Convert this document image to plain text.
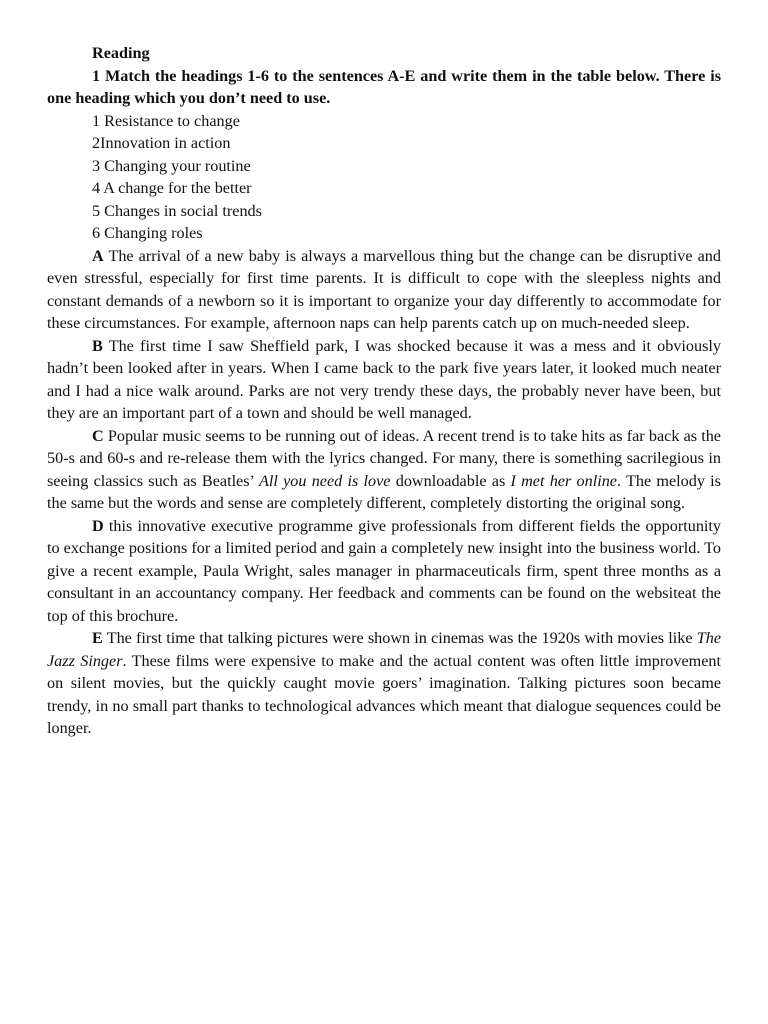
Reading

1 Match the headings 1-6 to the sentences A-E and write them in the table below. There is one heading which you don’t need to use.

1 Resistance to change

2Innovation in action

3 Changing your routine

4 A change for the better

5 Changes in social trends

6 Changing roles

A The arrival of a new baby is always a marvellous thing but the change can be disruptive and even stressful, especially for first time parents. It is difficult to cope with the sleepless nights and constant demands of a newborn so it is important to organize your day differently to accommodate for these circumstances. For example, afternoon naps can help parents catch up on much-needed sleep.

B The first time I saw Sheffield park, I was shocked because it was a mess and it obviously hadn’t been looked after in years. When I came back to the park five years later, it looked much neater and I had a nice walk around. Parks are not very trendy these days, the probably never have been, but they are an important part of a town and should be well managed.

C Popular music seems to be running out of ideas. A recent trend is to take hits as far back as the 50-s and 60-s and re-release them with the lyrics changed. For many, there is something sacrilegious in seeing classics such as Beatles’ All you need is love downloadable as I met her online. The melody is the same but the words and sense are completely different, completely distorting the original song.

D this innovative executive programme give professionals from different fields the opportunity to exchange positions for a limited period and gain a completely new insight into the business world. To give a recent example, Paula Wright, sales manager in pharmaceuticals firm, spent three months as a consultant in an accountancy company. Her feedback and comments can be found on the websiteat the top of this brochure.

E The first time that talking pictures were shown in cinemas was the 1920s with movies like The Jazz Singer. These films were expensive to make and the actual content was often little improvement on silent movies, but the quickly caught movie goers’ imagination. Talking pictures soon became trendy, in no small part thanks to technological advances which meant that dialogue sequences could be longer.
